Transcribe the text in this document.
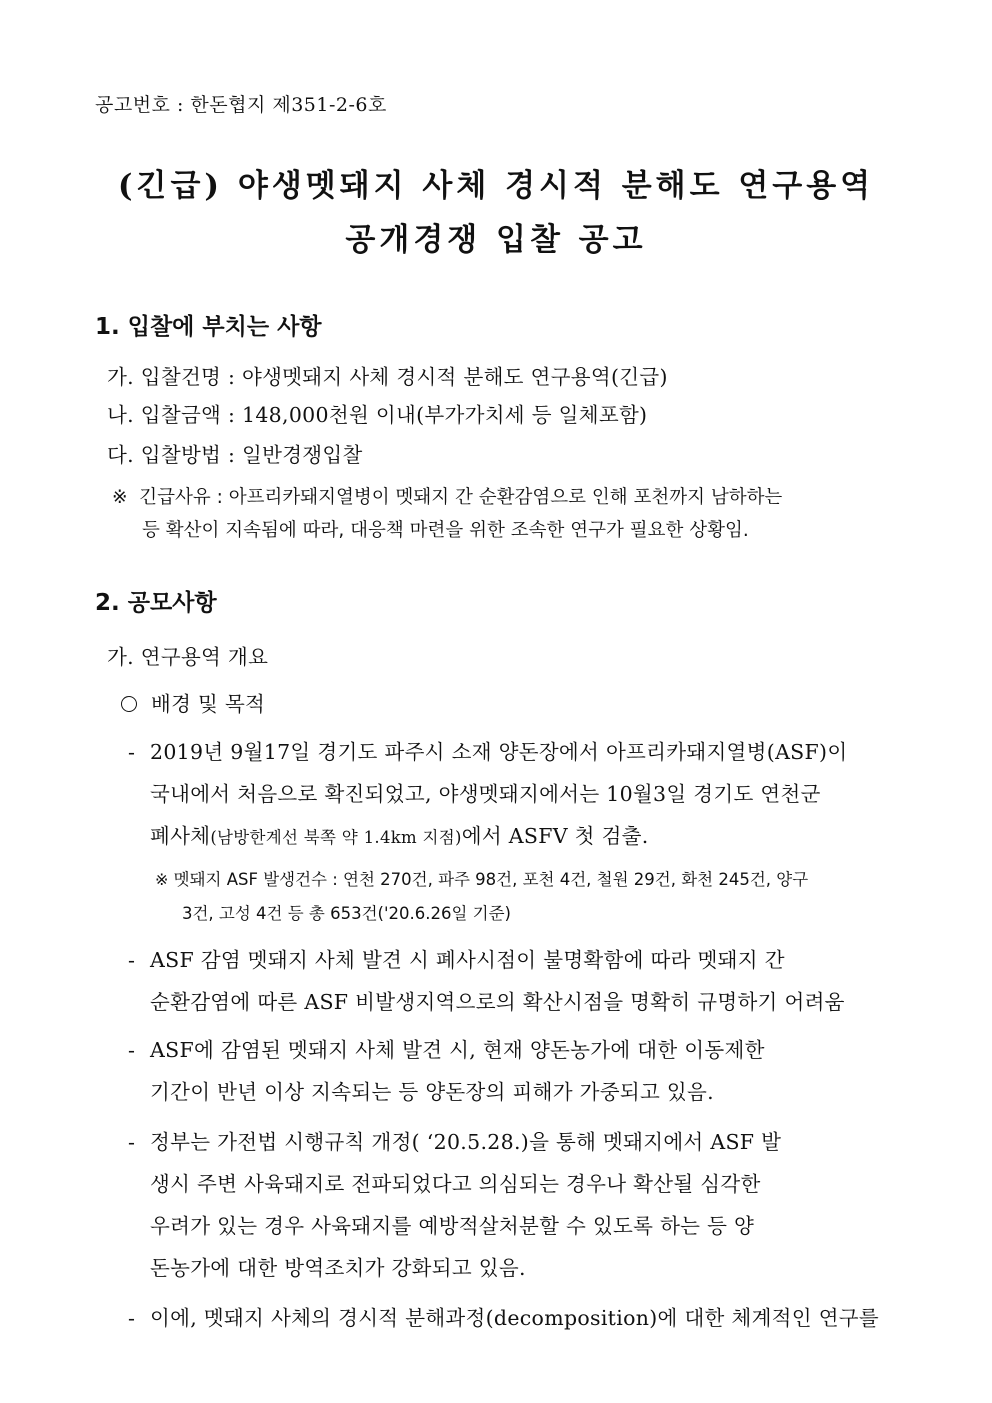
공고번호 : 한돈협지 제351-2-6호
(긴급) 야생멧돼지 사체 경시적 분해도 연구용역
공개경쟁 입찰 공고
1. 입찰에 부치는 사항
가. 입찰건명 : 야생멧돼지 사체 경시적 분해도 연구용역(긴급)
나. 입찰금액 : 148,000천원 이내(부가가치세 등 일체포함)
다. 입찰방법 : 일반경쟁입찰
※ 긴급사유 : 아프리카돼지열병이 멧돼지 간 순환감염으로 인해 포천까지 남하하는
등 확산이 지속됨에 따라, 대응책 마련을 위한 조속한 연구가 필요한 상황임.
2. 공모사항
가. 연구용역 개요
배경 및 목적
- 2019년 9월17일 경기도 파주시 소재 양돈장에서 아프리카돼지열병(ASF)이
국내에서 처음으로 확진되었고, 야생멧돼지에서는 10월3일 경기도 연천군
폐사체(남방한계선 북쪽 약 1.4km 지점)에서 ASFV 첫 검출.
※ 멧돼지 ASF 발생건수 : 연천 270건, 파주 98건, 포천 4건, 철원 29건, 화천 245건, 양구
3건, 고성 4건 등 총 653건('20.6.26일 기준)
- ASF 감염 멧돼지 사체 발견 시 폐사시점이 불명확함에 따라 멧돼지 간
순환감염에 따른 ASF 비발생지역으로의 확산시점을 명확히 규명하기 어려움
- ASF에 감염된 멧돼지 사체 발견 시, 현재 양돈농가에 대한 이동제한
기간이 반년 이상 지속되는 등 양돈장의 피해가 가중되고 있음.
- 정부는 가전법 시행규칙 개정( ‘20.5.28.)을 통해 멧돼지에서 ASF 발
생시 주변 사육돼지로 전파되었다고 의심되는 경우나 확산될 심각한
우려가 있는 경우 사육돼지를 예방적살처분할 수 있도록 하는 등 양
돈농가에 대한 방역조치가 강화되고 있음.
- 이에, 멧돼지 사체의 경시적 분해과정(decomposition)에 대한 체계적인 연구를
